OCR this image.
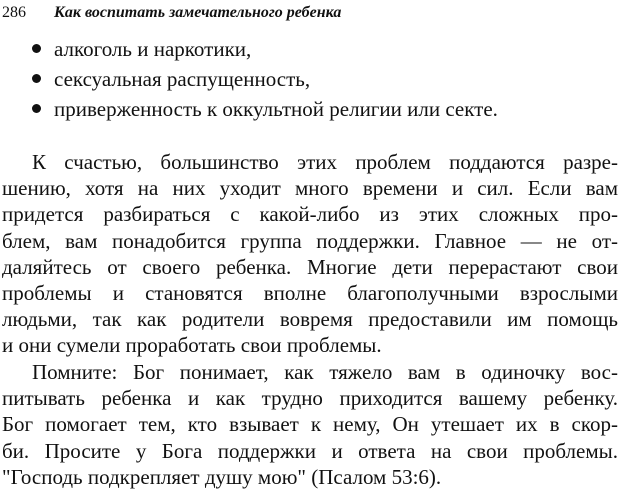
286 Как воспитать замечательного ребенка
алкоголь и наркотики,
сексуальная распущенность,
приверженность к оккультной религии или секте.

К счастью, большинство этих проблем поддаются разре-
шению, хотя на них уходит много времени и сил. Если вам
придется разбираться с какой-либо из этих сложных про-
блем, вам понадобится группа поддержки. Главное — не от-
даляйтесь от своего ребенка. Многие дети перерастают свои
проблемы и становятся вполне благополучными взрослыми
людьми, так как родители вовремя предоставили им помощь
и они сумели проработать свои проблемы.

Помните: Бог понимает, как тяжело вам в одиночку вос-
питывать ребенка и как трудно приходится вашему ребенку.
Бог помогает тем, кто взывает к нему, Он утешает их в скор-
би. Просите у Бога поддержки и ответа на свои проблемы.
"Господь подкрепляет душу мою" (Псалом 53:6).
